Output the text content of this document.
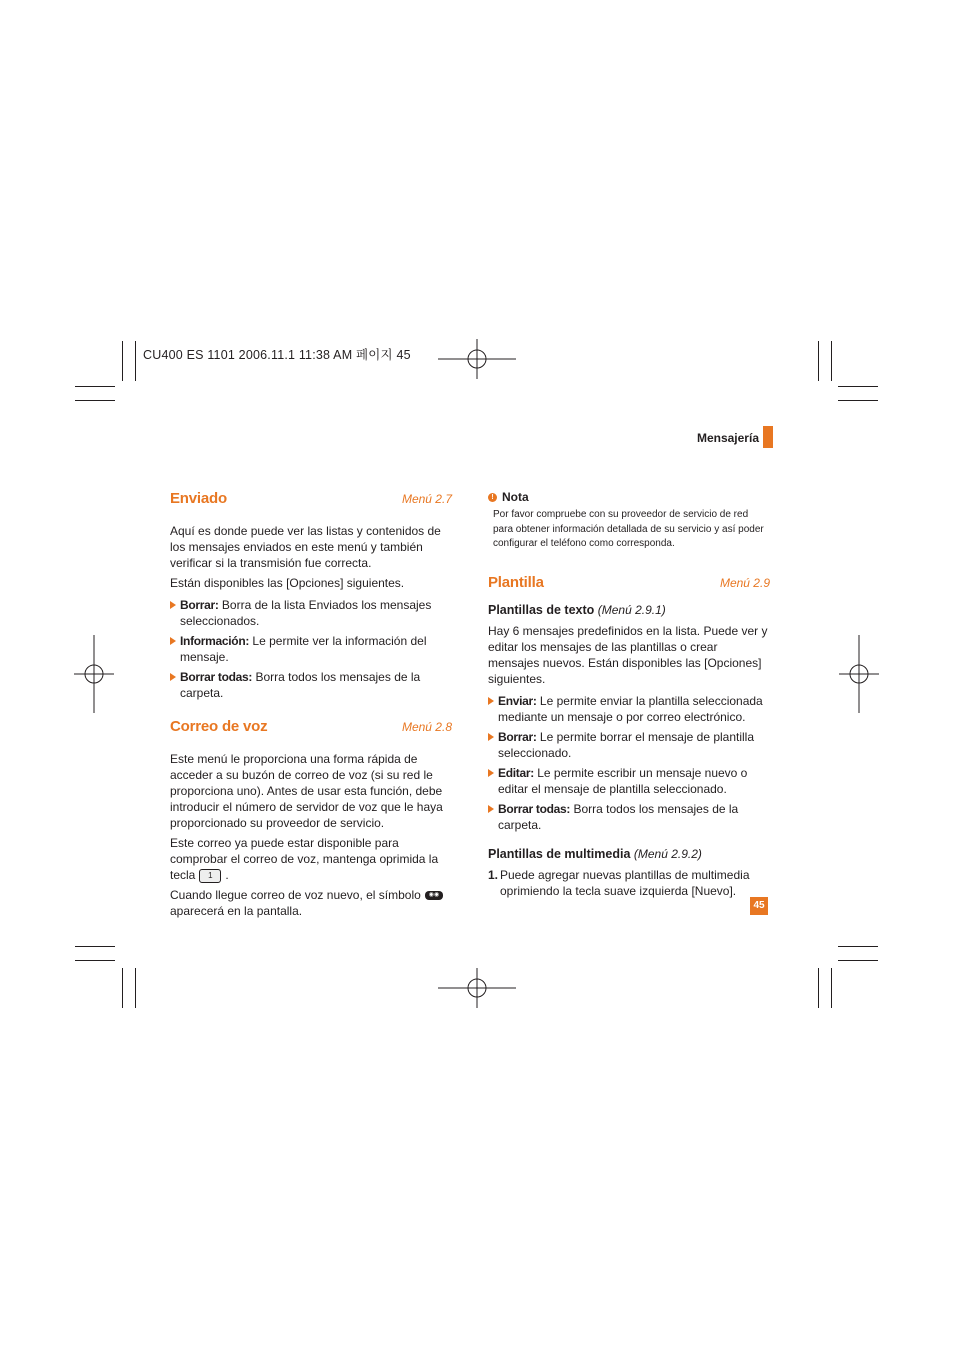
CU400 ES 1101 2006.11.1 11:38 AM 페이지 45
Mensajería
Enviado	Menú 2.7

Aquí es donde puede ver las listas y contenidos de los mensajes enviados en este menú y también verificar si la transmisión fue correcta.

Están disponibles las [Opciones] siguientes.

Borrar: Borra de la lista Enviados los mensajes seleccionados.
Información: Le permite ver la información del mensaje.
Borrar todas: Borra todos los mensajes de la carpeta.
Correo de voz	Menú 2.8

Este menú le proporciona una forma rápida de acceder a su buzón de correo de voz (si su red le proporciona uno). Antes de usar esta función, debe introducir el número de servidor de voz que le haya proporcionado su proveedor de servicio.

Este correo ya puede estar disponible para comprobar el correo de voz, mantenga oprimida la tecla 1 .

Cuando llegue correo de voz nuevo, el símbolo ◉◉
aparecerá en la pantalla.

! Nota
Por favor compruebe con su proveedor de servicio de red para obtener información detallada de su servicio y así poder configurar el teléfono como corresponda.
Plantilla	Menú 2.9
Plantillas de texto (Menú 2.9.1)

Hay 6 mensajes predefinidos en la lista. Puede ver y editar los mensajes de las plantillas o crear mensajes nuevos. Están disponibles las [Opciones] siguientes.

Enviar: Le permite enviar la plantilla seleccionada mediante un mensaje o por correo electrónico.
Borrar: Le permite borrar el mensaje de plantilla seleccionado.
Editar: Le permite escribir un mensaje nuevo o editar el mensaje de plantilla seleccionado.
Borrar todas: Borra todos los mensajes de la carpeta.
Plantillas de multimedia (Menú 2.9.2)
1. Puede agregar nuevas plantillas de multimedia oprimiendo la tecla suave izquierda [Nuevo].
45
